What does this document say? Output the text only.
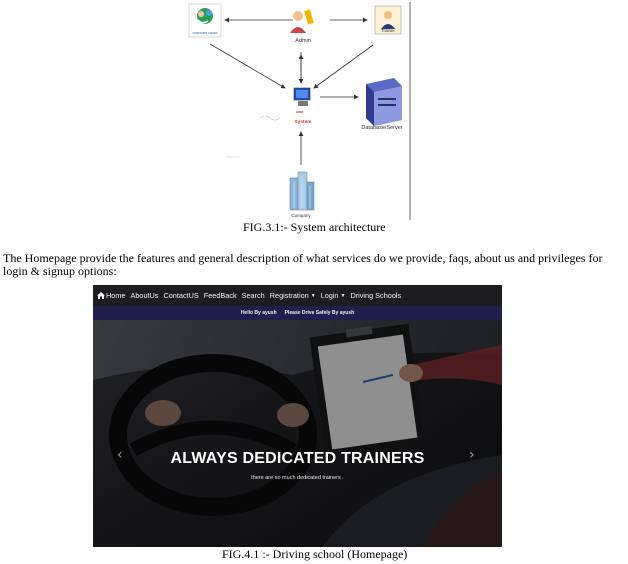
corporate cause
Admin
Trainer
System
Database/Server
Company
FIG.3.1:- System architecture
The Homepage provide the features and general description of what services do we provide, faqs, about us and privileges for login & signup options:
Home AboutUs ContactUS FeedBack Search Registration ▼ Login ▼ Driving Schools
Hello By ayush Please Drive Safely By ayush
‹	›
ALWAYS DEDICATED TRAINERS
there are so much dedicated trainers .
FIG.4.1 :- Driving school (Homepage)
